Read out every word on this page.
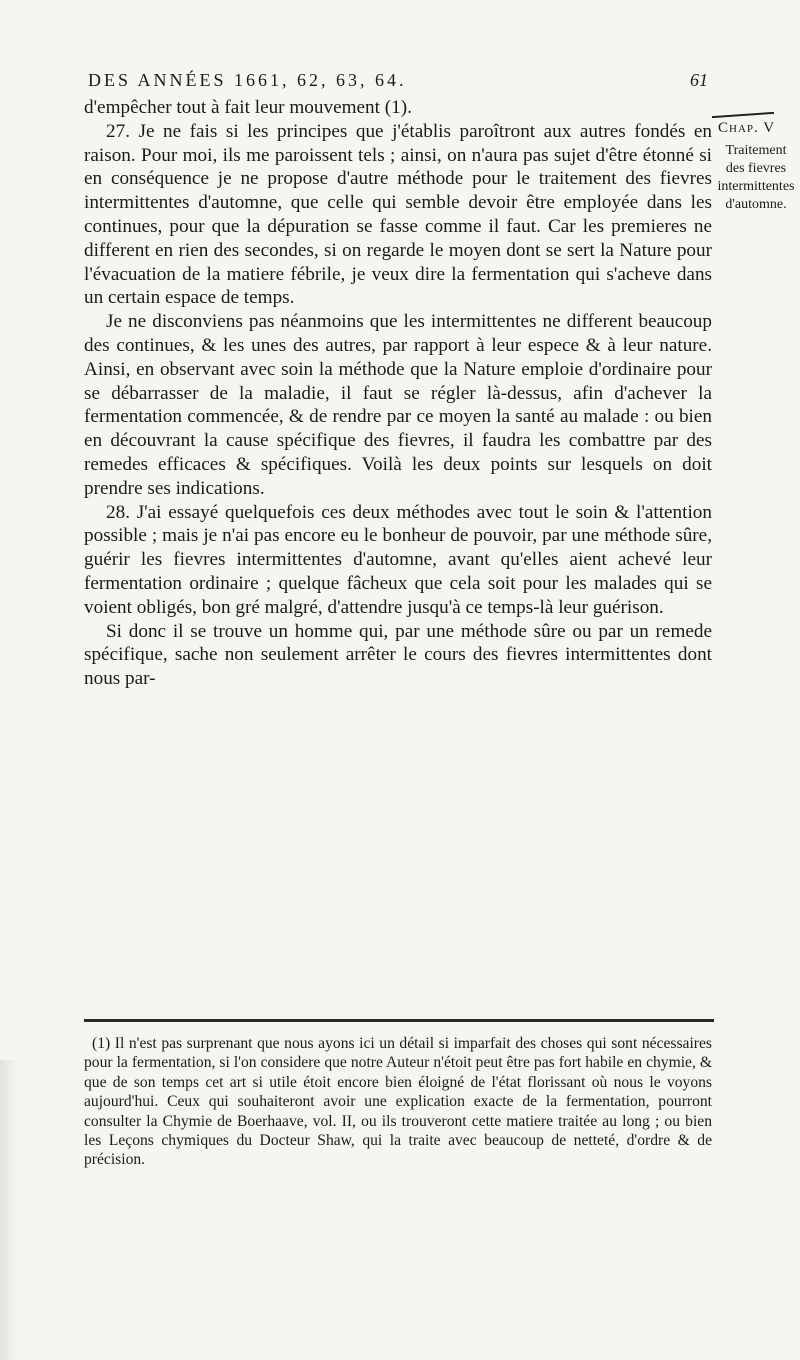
DES ANNÉES 1661, 62, 63, 64.	61

d'empêcher tout à fait leur mouvement (1).

27. Je ne fais si les principes que j'établis paroîtront aux autres fondés en raison. Pour moi, ils me paroissent tels ; ainsi, on n'aura pas sujet d'être étonné si en conséquence je ne propose d'autre méthode pour le traitement des fievres intermittentes d'automne, que celle qui semble devoir être employée dans les continues, pour que la dépuration se fasse comme il faut. Car les premieres ne different en rien des secondes, si on regarde le moyen dont se sert la Nature pour l'évacuation de la matiere fébrile, je veux dire la fermentation qui s'acheve dans un certain espace de temps.

Je ne disconviens pas néanmoins que les intermittentes ne different beaucoup des continues, & les unes des autres, par rapport à leur espece & à leur nature. Ainsi, en observant avec soin la méthode que la Nature emploie d'ordinaire pour se débarrasser de la maladie, il faut se régler là-dessus, afin d'achever la fermentation commencée, & de rendre par ce moyen la santé au malade : ou bien en découvrant la cause spécifique des fievres, il faudra les combattre par des remedes efficaces & spécifiques. Voilà les deux points sur lesquels on doit prendre ses indications.

28. J'ai essayé quelquefois ces deux méthodes avec tout le soin & l'attention possible ; mais je n'ai pas encore eu le bonheur de pouvoir, par une méthode sûre, guérir les fievres intermittentes d'automne, avant qu'elles aient achevé leur fermentation ordinaire ; quelque fâcheux que cela soit pour les malades qui se voient obligés, bon gré malgré, d'attendre jusqu'à ce temps-là leur guérison.

Si donc il se trouve un homme qui, par une méthode sûre ou par un remede spécifique, sache non seulement arrêter le cours des fievres intermittentes dont nous par-

Chap. V
Traitement des fievres intermittentes d'automne.

(1) Il n'est pas surprenant que nous ayons ici un détail si imparfait des choses qui sont nécessaires pour la fermentation, si l'on considere que notre Auteur n'étoit peut être pas fort habile en chymie, & que de son temps cet art si utile étoit encore bien éloigné de l'état florissant où nous le voyons aujourd'hui. Ceux qui souhaiteront avoir une explication exacte de la fermentation, pourront consulter la Chymie de Boerhaave, vol. II, ou ils trouveront cette matiere traitée au long ; ou bien les Leçons chymiques du Docteur Shaw, qui la traite avec beaucoup de netteté, d'ordre & de précision.
